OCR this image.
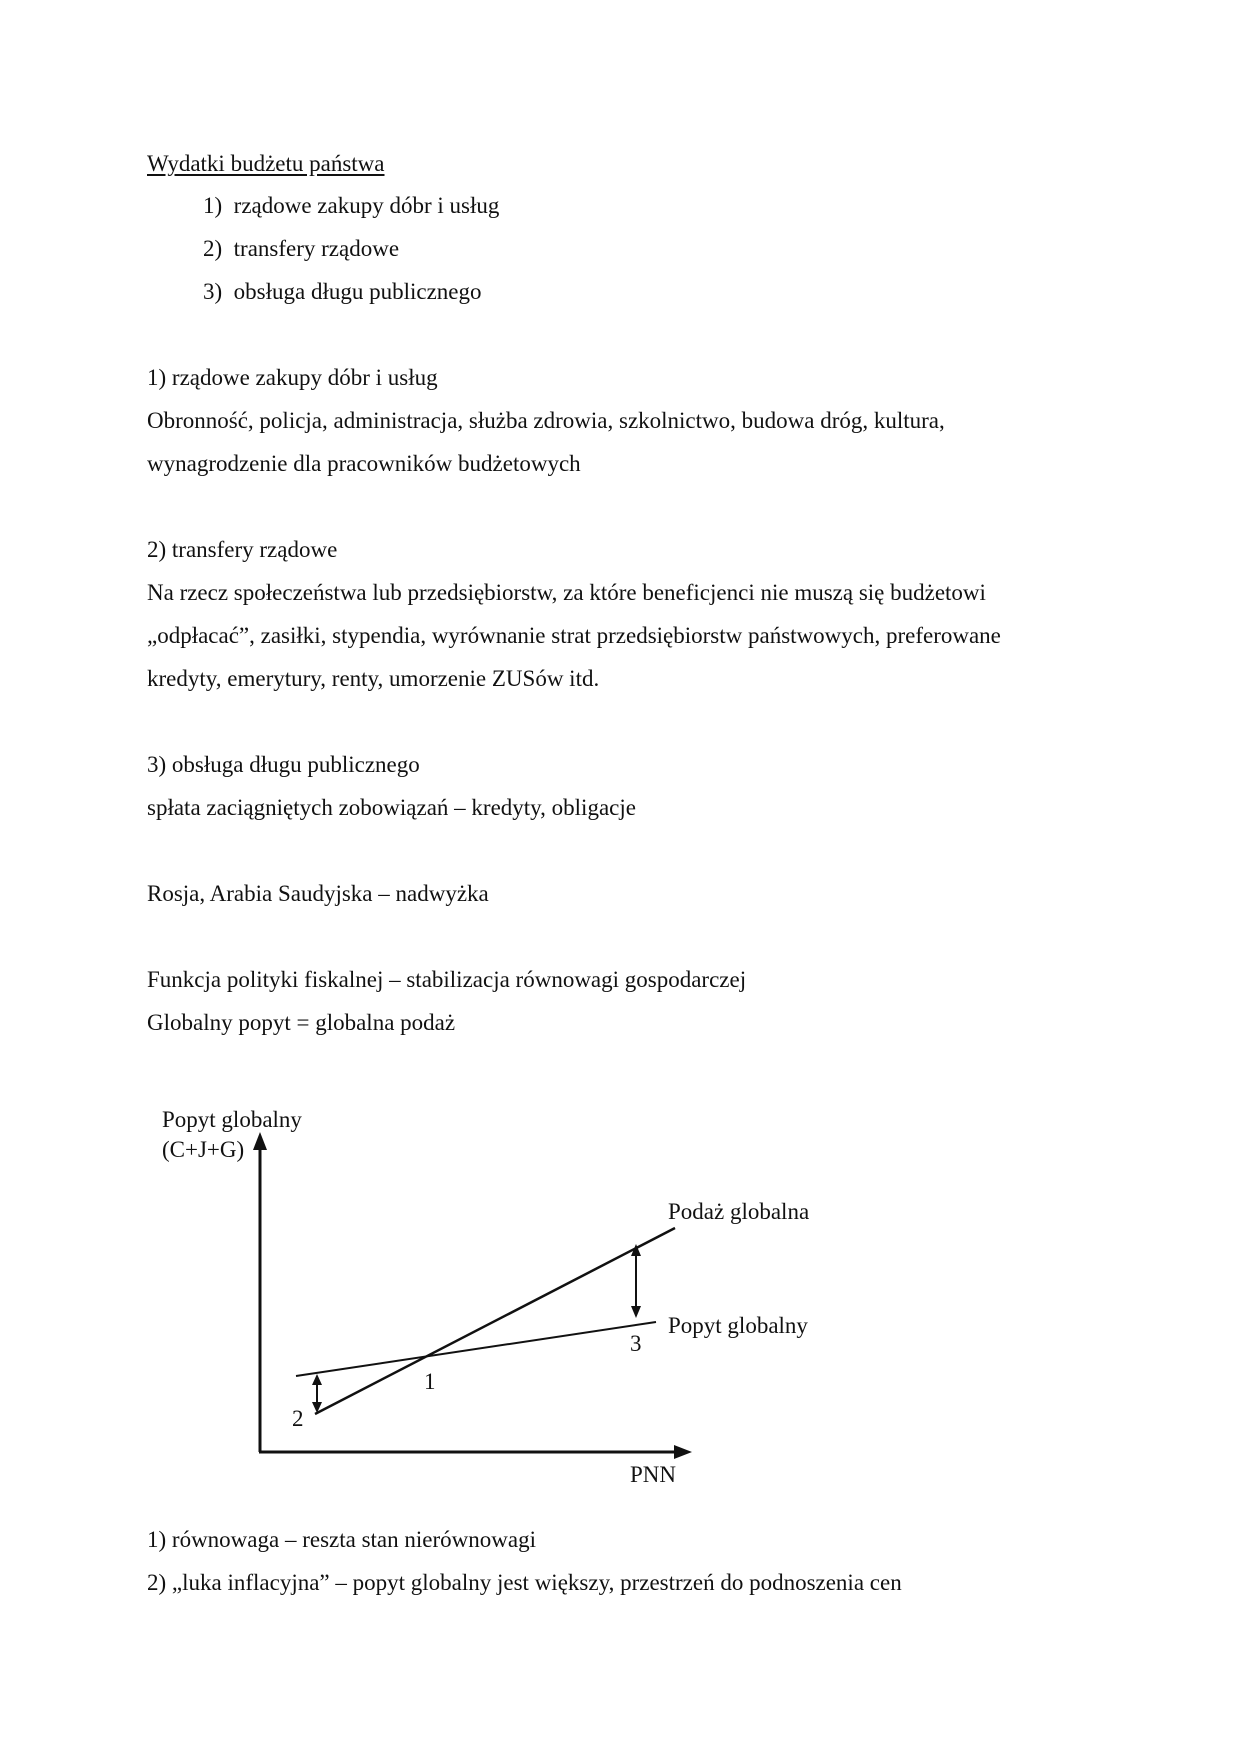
Wydatki budżetu państwa
1)  rządowe zakupy dóbr i usług
2)  transfery rządowe
3)  obsługa długu publicznego
1) rządowe zakupy dóbr i usług
Obronność, policja, administracja, służba zdrowia, szkolnictwo, budowa dróg, kultura,
wynagrodzenie dla pracowników budżetowych
2) transfery rządowe
Na rzecz społeczeństwa lub przedsiębiorstw, za które beneficjenci nie muszą się budżetowi
„odpłacać”, zasiłki, stypendia, wyrównanie strat przedsiębiorstw państwowych, preferowane
kredyty, emerytury, renty, umorzenie ZUSów itd.
3) obsługa długu publicznego
spłata zaciągniętych zobowiązań – kredyty, obligacje
Rosja, Arabia Saudyjska – nadwyżka
Funkcja polityki fiskalnej – stabilizacja równowagi gospodarczej
Globalny popyt = globalna podaż
Popyt globalny
(C+J+G)
PNN
Podaż globalna
Popyt globalny
1
2
3
1) równowaga – reszta stan nierównowagi
2) „luka inflacyjna” – popyt globalny jest większy, przestrzeń do podnoszenia cen
